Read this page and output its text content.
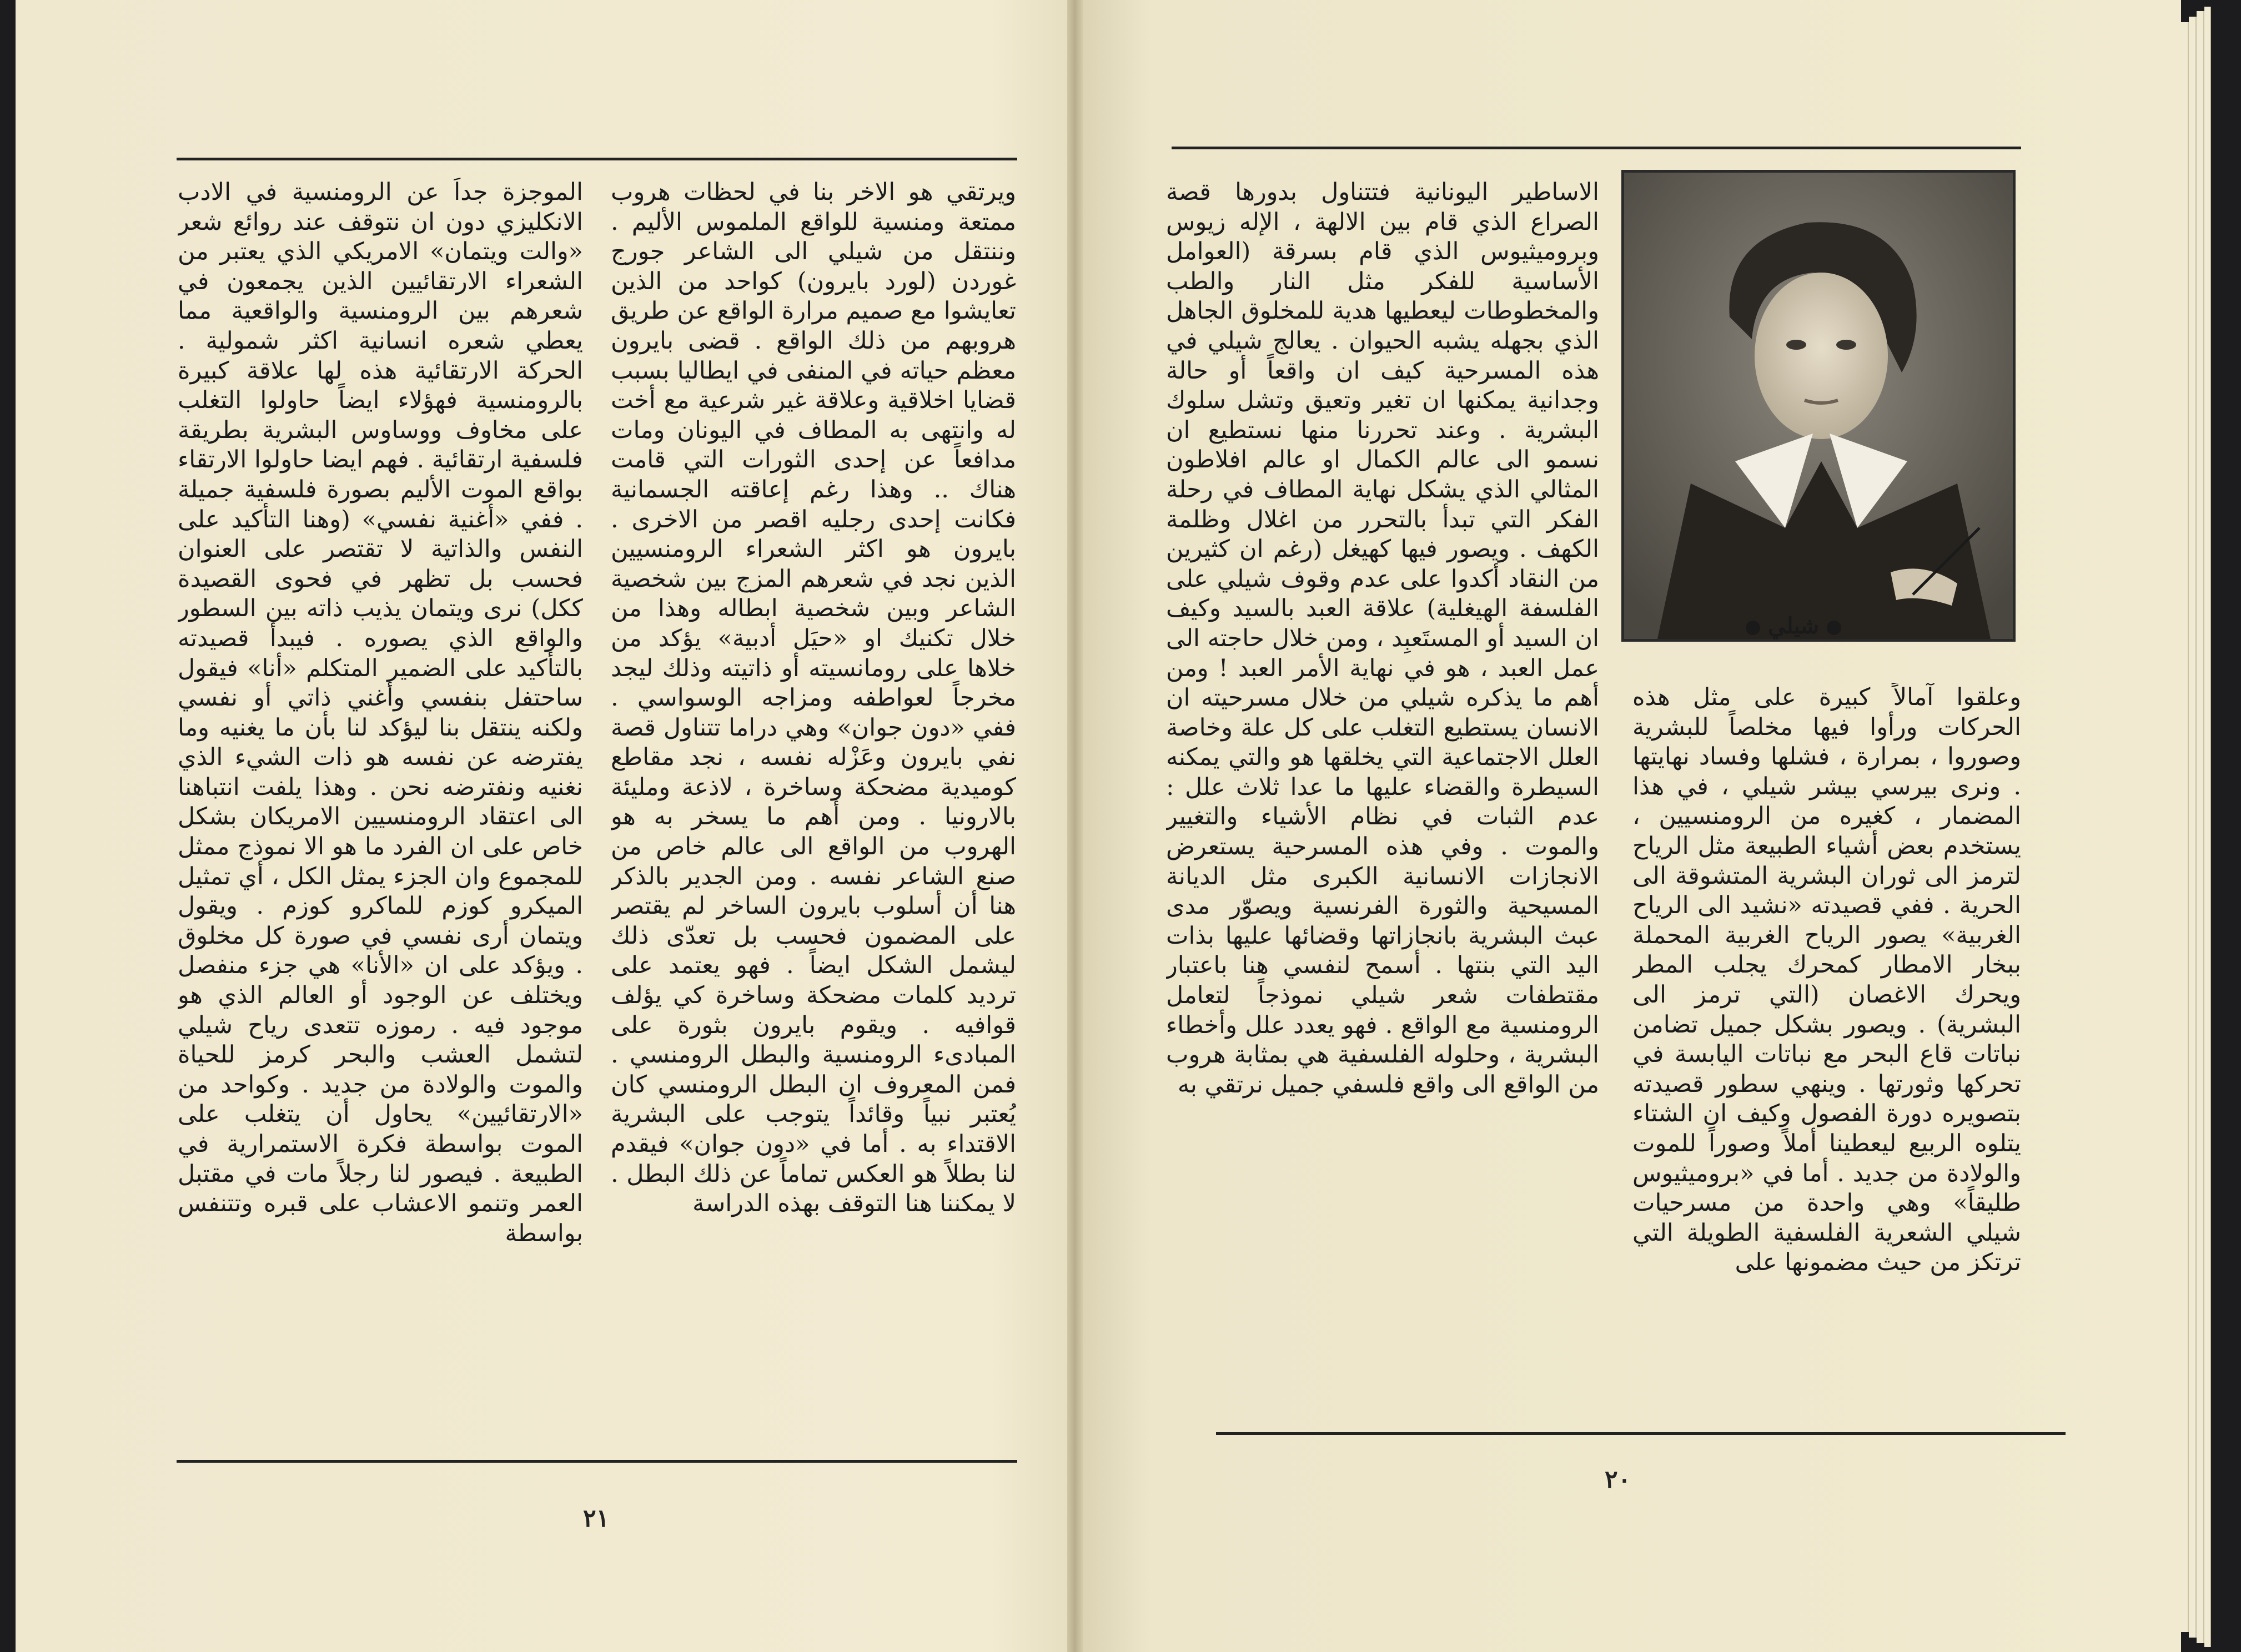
ويرتقي هو الاخر بنا في لحظات هروب ممتعة ومنسية للواقع الملموس الأليم . وننتقل من شيلي الى الشاعر جورج غوردن (لورد بايرون) كواحد من الذين تعايشوا مع صميم مرارة الواقع عن طريق هروبهم من ذلك الواقع . قضى بايرون معظم حياته في المنفى في ايطاليا بسبب قضايا اخلاقية وعلاقة غير شرعية مع أخت له وانتهى به المطاف في اليونان ومات مدافعاً عن إحدى الثورات التي قامت هناك .. وهذا رغم إعاقته الجسمانية فكانت إحدى رجليه اقصر من الاخرى . بايرون هو اكثر الشعراء الرومنسيين الذين نجد في شعرهم المزج بين شخصية الشاعر وبين شخصية ابطاله وهذا من خلال تكنيك او «حيَل أدبية» يؤكد من خلاها على رومانسيته أو ذاتيته وذلك ليجد مخرجاً لعواطفه ومزاجه الوسواسي . ففي «دون جوان» وهي دراما تتناول قصة نفي بايرون وعَزْله نفسه ، نجد مقاطع كوميدية مضحكة وساخرة ، لاذعة ومليئة بالارونيا . ومن أهم ما يسخر به هو الهروب من الواقع الى عالم خاص من صنع الشاعر نفسه . ومن الجدير بالذكر هنا أن أسلوب بايرون الساخر لم يقتصر على المضمون فحسب بل تعدّى ذلك ليشمل الشكل ايضاً . فهو يعتمد على ترديد كلمات مضحكة وساخرة كي يؤلف قوافيه . ويقوم بايرون بثورة على المبادىء الرومنسية والبطل الرومنسي . فمن المعروف ان البطل الرومنسي كان يُعتبر نبياً وقائداً يتوجب على البشرية الاقتداء به . أما في «دون جوان» فيقدم لنا بطلاً هو العكس تماماً عن ذلك البطل . لا يمكننا هنا التوقف بهذه الدراسة

الموجزة جداً عن الرومنسية في الادب الانكليزي دون ان نتوقف عند روائع شعر «والت ويتمان» الامريكي الذي يعتبر من الشعراء الارتقائيين الذين يجمعون في شعرهم بين الرومنسية والواقعية مما يعطي شعره انسانية اكثر شمولية . الحركة الارتقائية هذه لها علاقة كبيرة بالرومنسية فهؤلاء ايضاً حاولوا التغلب على مخاوف ووساوس البشرية بطريقة فلسفية ارتقائية . فهم ايضا حاولوا الارتقاء بواقع الموت الأليم بصورة فلسفية جميلة . ففي «أغنية نفسي» (وهنا التأكيد على النفس والذاتية لا تقتصر على العنوان فحسب بل تظهر في فحوى القصيدة ككل) نرى ويتمان يذيب ذاته بين السطور والواقع الذي يصوره . فيبدأ قصيدته بالتأكيد على الضمير المتكلم «أنا» فيقول ساحتفل بنفسي وأغني ذاتي أو نفسي ولكنه ينتقل بنا ليؤكد لنا بأن ما يغنيه وما يفترضه عن نفسه هو ذات الشيء الذي نغنيه ونفترضه نحن . وهذا يلفت انتباهنا الى اعتقاد الرومنسيين الامريكان بشكل خاص على ان الفرد ما هو الا نموذج ممثل للمجموع وان الجزء يمثل الكل ، أي تمثيل الميكرو كوزم للماكرو كوزم . ويقول ويتمان أرى نفسي في صورة كل مخلوق . ويؤكد على ان «الأنا» هي جزء منفصل ويختلف عن الوجود أو العالم الذي هو موجود فيه . رموزه تتعدى رياح شيلي لتشمل العشب والبحر كرمز للحياة والموت والولادة من جديد . وكواحد من «الارتقائيين» يحاول أن يتغلب على الموت بواسطة فكرة الاستمرارية في الطبيعة . فيصور لنا رجلاً مات في مقتبل العمر وتنمو الاعشاب على قبره وتتنفس بواسطة

٢١
شيلي

الاساطير اليونانية فتتناول بدورها قصة الصراع الذي قام بين الالهة ، الإله زيوس وبروميثيوس الذي قام بسرقة (العوامل الأساسية للفكر مثل النار والطب والمخطوطات ليعطيها هدية للمخلوق الجاهل الذي بجهله يشبه الحيوان . يعالج شيلي في هذه المسرحية كيف ان واقعاً أو حالة وجدانية يمكنها ان تغير وتعيق وتشل سلوك البشرية . وعند تحررنا منها نستطيع ان نسمو الى عالم الكمال او عالم افلاطون المثالي الذي يشكل نهاية المطاف في رحلة الفكر التي تبدأ بالتحرر من اغلال وظلمة الكهف . ويصور فيها كهيغل (رغم ان كثيرين من النقاد أكدوا على عدم وقوف شيلي على الفلسفة الهيغلية) علاقة العبد بالسيد وكيف ان السيد أو المستَعبِد ، ومن خلال حاجته الى عمل العبد ، هو في نهاية الأمر العبد ! ومن أهم ما يذكره شيلي من خلال مسرحيته ان الانسان يستطيع التغلب على كل علة وخاصة العلل الاجتماعية التي يخلقها هو والتي يمكنه السيطرة والقضاء عليها ما عدا ثلاث علل : عدم الثبات في نظام الأشياء والتغيير والموت . وفي هذه المسرحية يستعرض الانجازات الانسانية الكبرى مثل الديانة المسيحية والثورة الفرنسية ويصوّر مدى عبث البشرية بانجازاتها وقضائها عليها بذات اليد التي بنتها . أسمح لنفسي هنا باعتبار مقتطفات شعر شيلي نموذجاً لتعامل الرومنسية مع الواقع . فهو يعدد علل وأخطاء البشرية ، وحلوله الفلسفية هي بمثابة هروب من الواقع الى واقع فلسفي جميل نرتقي به

وعلقوا آمالاً كبيرة على مثل هذه الحركات ورأوا فيها مخلصاً للبشرية وصوروا ، بمرارة ، فشلها وفساد نهايتها . ونرى بيرسي بيشر شيلي ، في هذا المضمار ، كغيره من الرومنسيين ، يستخدم بعض أشياء الطبيعة مثل الرياح لترمز الى ثوران البشرية المتشوقة الى الحرية . ففي قصيدته «نشيد الى الرياح الغربية» يصور الرياح الغربية المحملة ببخار الامطار كمحرك يجلب المطر ويحرك الاغصان (التي ترمز الى البشرية) . ويصور بشكل جميل تضامن نباتات قاع البحر مع نباتات اليابسة في تحركها وثورتها . وينهي سطور قصيدته بتصويره دورة الفصول وكيف ان الشتاء يتلوه الربيع ليعطينا أملاً وصوراً للموت والولادة من جديد . أما في «بروميثيوس طليقاً» وهي واحدة من مسرحيات شيلي الشعرية الفلسفية الطويلة التي ترتكز من حيث مضمونها على

٢٠
